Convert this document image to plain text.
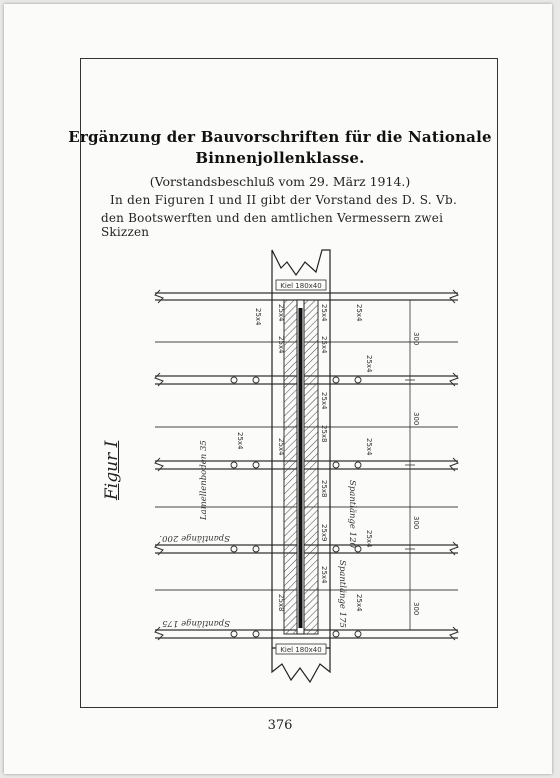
Ergänzung der Bauvorschriften für die Nationale
Binnenjollenklasse.
(Vorstandsbeschluß vom 29. März 1914.)
In den Figuren I und II gibt der Vorstand des D. S. Vb.
den Bootswerften und den amtlichen Vermessern zwei Skizzen
Kiel 180x40
Kiel 180x40
300
300
300
300
25x4 25x4	25x4	25x4
25x4	25x4
25x4
25x4
25x8
25x4	25x4	25x4
25x8
25x9	25x4
25x4
25x8	25x4
Spantlänge 200.
Spantlänge 175
Lamellenboden 35	Spantlänge 120
Spantlänge 175
Figur I
376
